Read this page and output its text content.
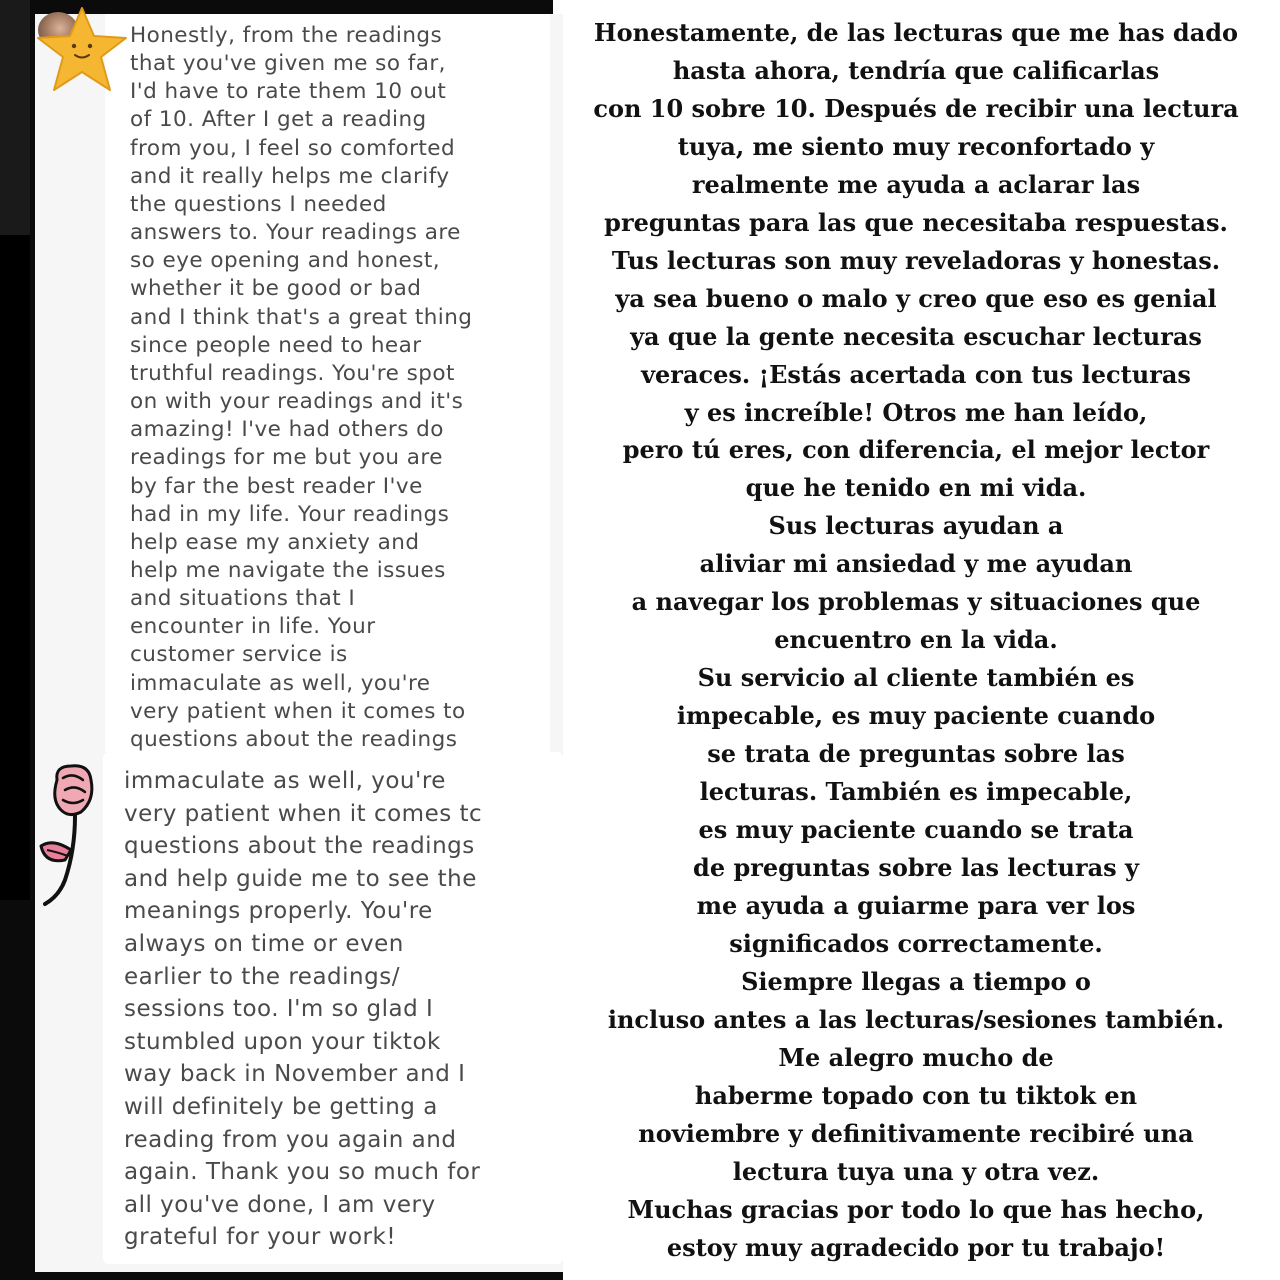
Honestly, from the readings
that you've given me so far,
I'd have to rate them 10 out
of 10. After I get a reading
from you, I feel so comforted
and it really helps me clarify
the questions I needed
answers to. Your readings are
so eye opening and honest,
whether it be good or bad
and I think that's a great thing
since people need to hear
truthful readings. You're spot
on with your readings and it's
amazing! I've had others do
readings for me but you are
by far the best reader I've
had in my life. Your readings
help ease my anxiety and
help me navigate the issues
and situations that I
encounter in life. Your
customer service is
immaculate as well, you're
very patient when it comes to
questions about the readings
immaculate as well, you're
very patient when it comes tc
questions about the readings
and help guide me to see the
meanings properly. You're
always on time or even
earlier to the readings/
sessions too. I'm so glad I
stumbled upon your tiktok
way back in November and I
will definitely be getting a
reading from you again and
again. Thank you so much for
all you've done, I am very
grateful for your work!
Honestamente, de las lecturas que me has dado
hasta ahora, tendría que calificarlas
con 10 sobre 10. Después de recibir una lectura
tuya, me siento muy reconfortado y
realmente me ayuda a aclarar las
preguntas para las que necesitaba respuestas.
Tus lecturas son muy reveladoras y honestas.
ya sea bueno o malo y creo que eso es genial
ya que la gente necesita escuchar lecturas
veraces. ¡Estás acertada con tus lecturas
y es increíble! Otros me han leído,
pero tú eres, con diferencia, el mejor lector
que he tenido en mi vida.
Sus lecturas ayudan a
aliviar mi ansiedad y me ayudan
a navegar los problemas y situaciones que
encuentro en la vida.
Su servicio al cliente también es
impecable, es muy paciente cuando
se trata de preguntas sobre las
lecturas. También es impecable,
es muy paciente cuando se trata
de preguntas sobre las lecturas y
me ayuda a guiarme para ver los
significados correctamente.
Siempre llegas a tiempo o
incluso antes a las lecturas/sesiones también.
Me alegro mucho de
haberme topado con tu tiktok en
noviembre y definitivamente recibiré una
lectura tuya una y otra vez.
Muchas gracias por todo lo que has hecho,
estoy muy agradecido por tu trabajo!
